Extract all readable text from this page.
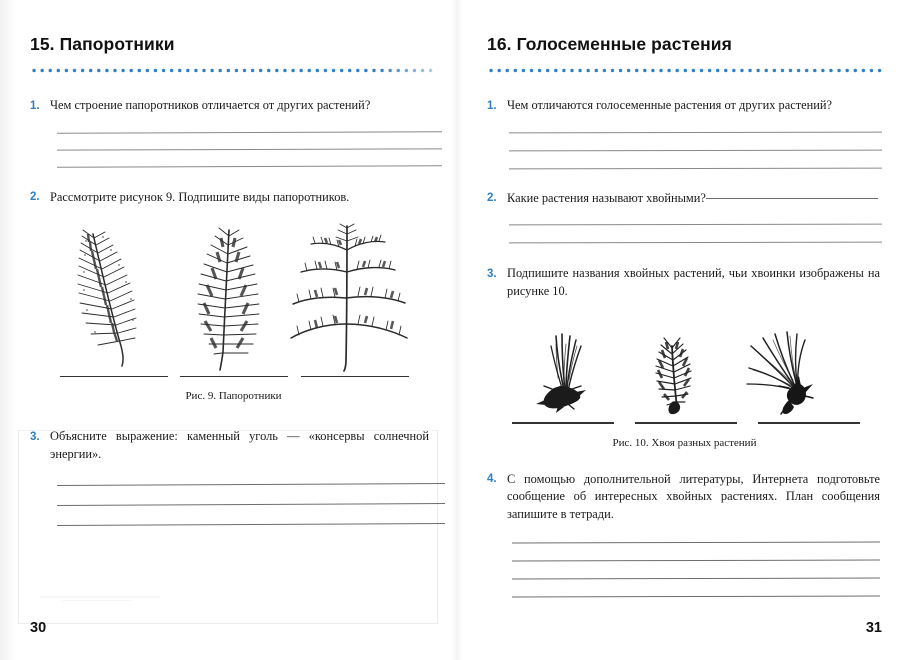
15. Папоротники
1. Чем строение папоротников отличается от других растений?
2. Рассмотрите рисунок 9. Подпишите виды папоротников.
Рис. 9. Папоротники
3. Объясните выражение: каменный уголь — «консервы солнечной энергии».
30
16. Голосеменные растения
1. Чем отличаются голосеменные растения от других растений?
2. Какие растения называют хвойными?
3. Подпишите названия хвойных растений, чьи хвоинки изображены на рисунке 10.
Рис. 10. Хвоя разных растений
4. С помощью дополнительной литературы, Интернета подготовьте сообщение об интересных хвойных растениях. План сообщения запишите в тетради.
31
